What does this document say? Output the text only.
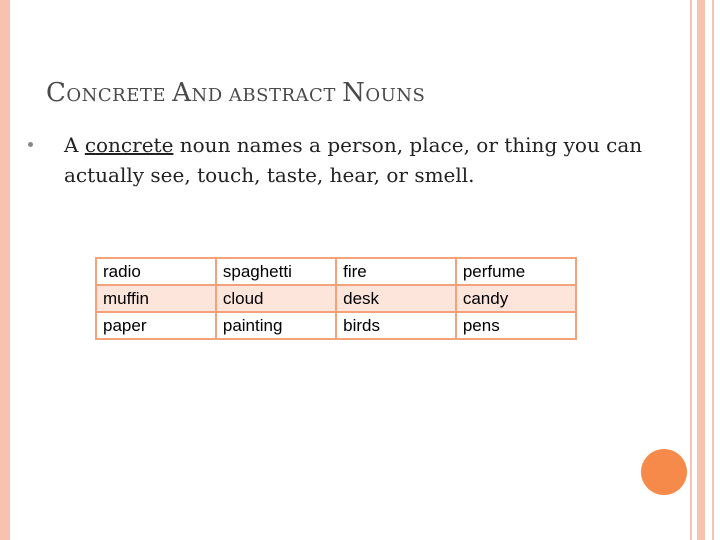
CONCRETE AND ABSTRACT NOUNS
A concrete noun names a person, place, or thing you can actually see, touch, taste, hear, or smell.
radio	spaghetti	fire	perfume
muffin	cloud	desk	candy
paper	painting	birds	pens
